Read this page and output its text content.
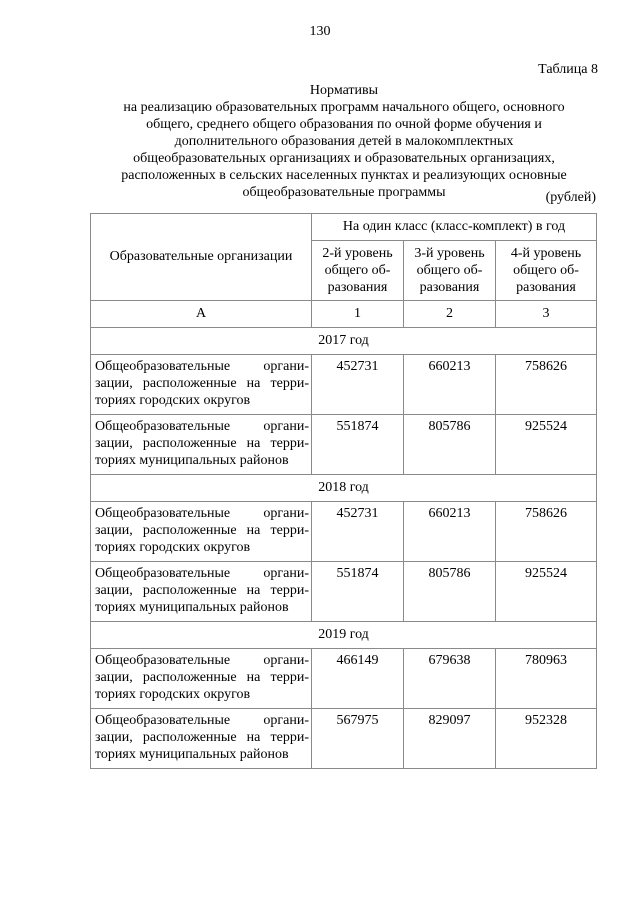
130
Таблица 8
Нормативы
на реализацию образовательных программ начального общего, основного
общего, среднего общего образования по очной форме обучения и
дополнительного образования детей в малокомплектных
общеобразовательных организациях и образовательных организациях,
расположенных в сельских населенных пунктах и реализующих основные
общеобразовательные программы	(рублей)
Образовательные организации	На один класс (класс-комплект) в год		

	2-й уровень
общего об-
разования	3-й уровень
общего об-
разования	4-й уровень
общего об-
разования

А	1	2	3
2017 год			

Общеобразовательные органи-
зации, расположенные на терри-
ториях городских округов	452731	660213	758626

Общеобразовательные органи-
зации, расположенные на терри-
ториях муниципальных районов	551874	805786	925524
2018 год			

Общеобразовательные органи-
зации, расположенные на терри-
ториях городских округов	452731	660213	758626

Общеобразовательные органи-
зации, расположенные на терри-
ториях муниципальных районов	551874	805786	925524
2019 год			

Общеобразовательные органи-
зации, расположенные на терри-
ториях городских округов	466149	679638	780963

Общеобразовательные органи-
зации, расположенные на терри-
ториях муниципальных районов	567975	829097	952328
